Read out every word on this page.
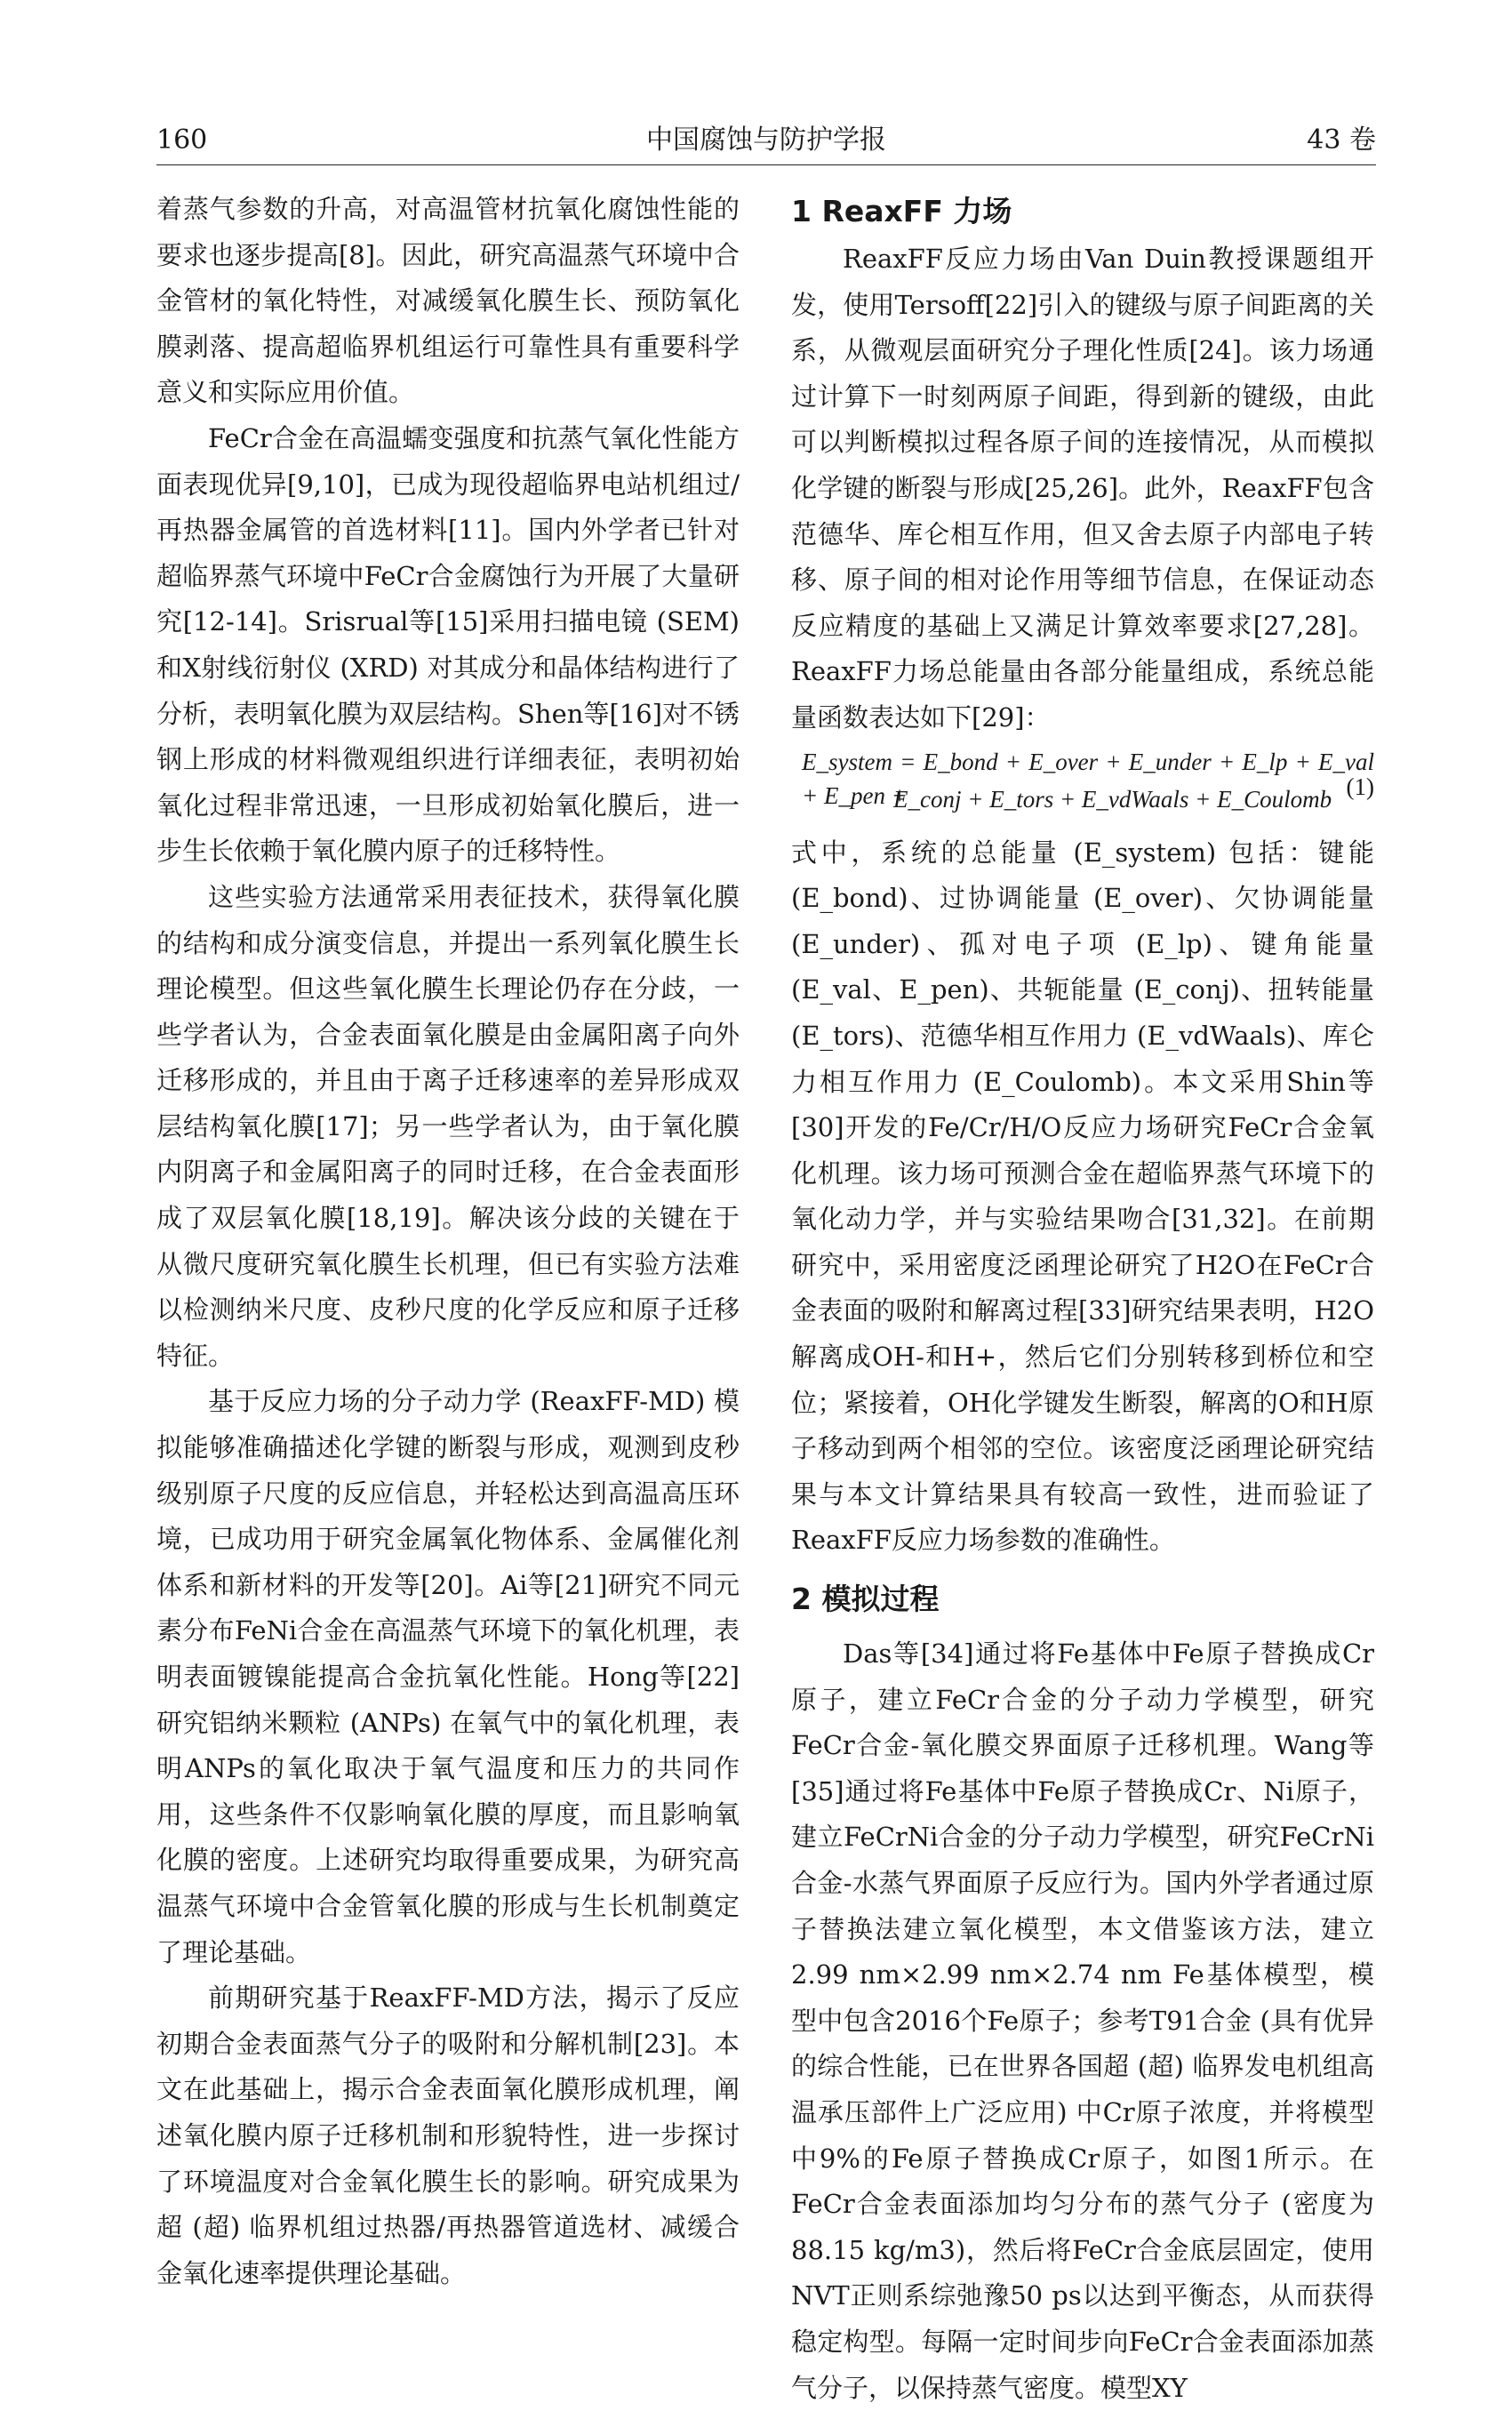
160	中国腐蚀与防护学报	43 卷

着蒸气参数的升高，对高温管材抗氧化腐蚀性能的要求也逐步提高[8]。因此，研究高温蒸气环境中合金管材的氧化特性，对减缓氧化膜生长、预防氧化膜剥落、提高超临界机组运行可靠性具有重要科学意义和实际应用价值。

FeCr合金在高温蠕变强度和抗蒸气氧化性能方面表现优异[9,10]，已成为现役超临界电站机组过/再热器金属管的首选材料[11]。国内外学者已针对超临界蒸气环境中FeCr合金腐蚀行为开展了大量研究[12-14]。Srisrual等[15]采用扫描电镜 (SEM) 和X射线衍射仪 (XRD) 对其成分和晶体结构进行了分析，表明氧化膜为双层结构。Shen等[16]对不锈钢上形成的材料微观组织进行详细表征，表明初始氧化过程非常迅速，一旦形成初始氧化膜后，进一步生长依赖于氧化膜内原子的迁移特性。

这些实验方法通常采用表征技术，获得氧化膜的结构和成分演变信息，并提出一系列氧化膜生长理论模型。但这些氧化膜生长理论仍存在分歧，一些学者认为，合金表面氧化膜是由金属阳离子向外迁移形成的，并且由于离子迁移速率的差异形成双层结构氧化膜[17]；另一些学者认为，由于氧化膜内阴离子和金属阳离子的同时迁移，在合金表面形成了双层氧化膜[18,19]。解决该分歧的关键在于从微尺度研究氧化膜生长机理，但已有实验方法难以检测纳米尺度、皮秒尺度的化学反应和原子迁移特征。

基于反应力场的分子动力学 (ReaxFF-MD) 模拟能够准确描述化学键的断裂与形成，观测到皮秒级别原子尺度的反应信息，并轻松达到高温高压环境，已成功用于研究金属氧化物体系、金属催化剂体系和新材料的开发等[20]。Ai等[21]研究不同元素分布FeNi合金在高温蒸气环境下的氧化机理，表明表面镀镍能提高合金抗氧化性能。Hong等[22]研究铝纳米颗粒 (ANPs) 在氧气中的氧化机理，表明ANPs的氧化取决于氧气温度和压力的共同作用，这些条件不仅影响氧化膜的厚度，而且影响氧化膜的密度。上述研究均取得重要成果，为研究高温蒸气环境中合金管氧化膜的形成与生长机制奠定了理论基础。

前期研究基于ReaxFF-MD方法，揭示了反应初期合金表面蒸气分子的吸附和分解机制[23]。本文在此基础上，揭示合金表面氧化膜形成机理，阐述氧化膜内原子迁移机制和形貌特性，进一步探讨了环境温度对合金氧化膜生长的影响。研究成果为超 (超) 临界机组过热器/再热器管道选材、减缓合金氧化速率提供理论基础。

1 ReaxFF 力场

ReaxFF反应力场由Van Duin教授课题组开发，使用Tersoff[22]引入的键级与原子间距离的关系，从微观层面研究分子理化性质[24]。该力场通过计算下一时刻两原子间距，得到新的键级，由此可以判断模拟过程各原子间的连接情况，从而模拟化学键的断裂与形成[25,26]。此外，ReaxFF包含范德华、库仑相互作用，但又舍去原子内部电子转移、原子间的相对论作用等细节信息，在保证动态反应精度的基础上又满足计算效率要求[27,28]。ReaxFF力场总能量由各部分能量组成，系统总能量函数表达如下[29]：

E_system = E_bond + E_over + E_under + E_lp + E_val + E_pen +
E_conj + E_tors + E_vdWaals + E_Coulomb (1)

式中，系统的总能量 (E_system) 包括：键能 (E_bond)、过协调能量 (E_over)、欠协调能量 (E_under)、孤对电子项 (E_lp)、键角能量 (E_val、E_pen)、共轭能量 (E_conj)、扭转能量 (E_tors)、范德华相互作用力 (E_vdWaals)、库仑力相互作用力 (E_Coulomb)。本文采用Shin等[30]开发的Fe/Cr/H/O反应力场研究FeCr合金氧化机理。该力场可预测合金在超临界蒸气环境下的氧化动力学，并与实验结果吻合[31,32]。在前期研究中，采用密度泛函理论研究了H2O在FeCr合金表面的吸附和解离过程[33]研究结果表明，H2O解离成OH-和H+，然后它们分别转移到桥位和空位；紧接着，OH化学键发生断裂，解离的O和H原子移动到两个相邻的空位。该密度泛函理论研究结果与本文计算结果具有较高一致性，进而验证了ReaxFF反应力场参数的准确性。

2 模拟过程

Das等[34]通过将Fe基体中Fe原子替换成Cr原子，建立FeCr合金的分子动力学模型，研究FeCr合金-氧化膜交界面原子迁移机理。Wang等[35]通过将Fe基体中Fe原子替换成Cr、Ni原子，建立FeCrNi合金的分子动力学模型，研究FeCrNi合金-水蒸气界面原子反应行为。国内外学者通过原子替换法建立氧化模型，本文借鉴该方法，建立2.99 nm×2.99 nm×2.74 nm Fe基体模型，模型中包含2016个Fe原子；参考T91合金 (具有优异的综合性能，已在世界各国超 (超) 临界发电机组高温承压部件上广泛应用) 中Cr原子浓度，并将模型中9%的Fe原子替换成Cr原子，如图1所示。在FeCr合金表面添加均匀分布的蒸气分子 (密度为88.15 kg/m3)，然后将FeCr合金底层固定，使用NVT正则系综弛豫50 ps以达到平衡态，从而获得稳定构型。每隔一定时间步向FeCr合金表面添加蒸气分子，以保持蒸气密度。模型XY
